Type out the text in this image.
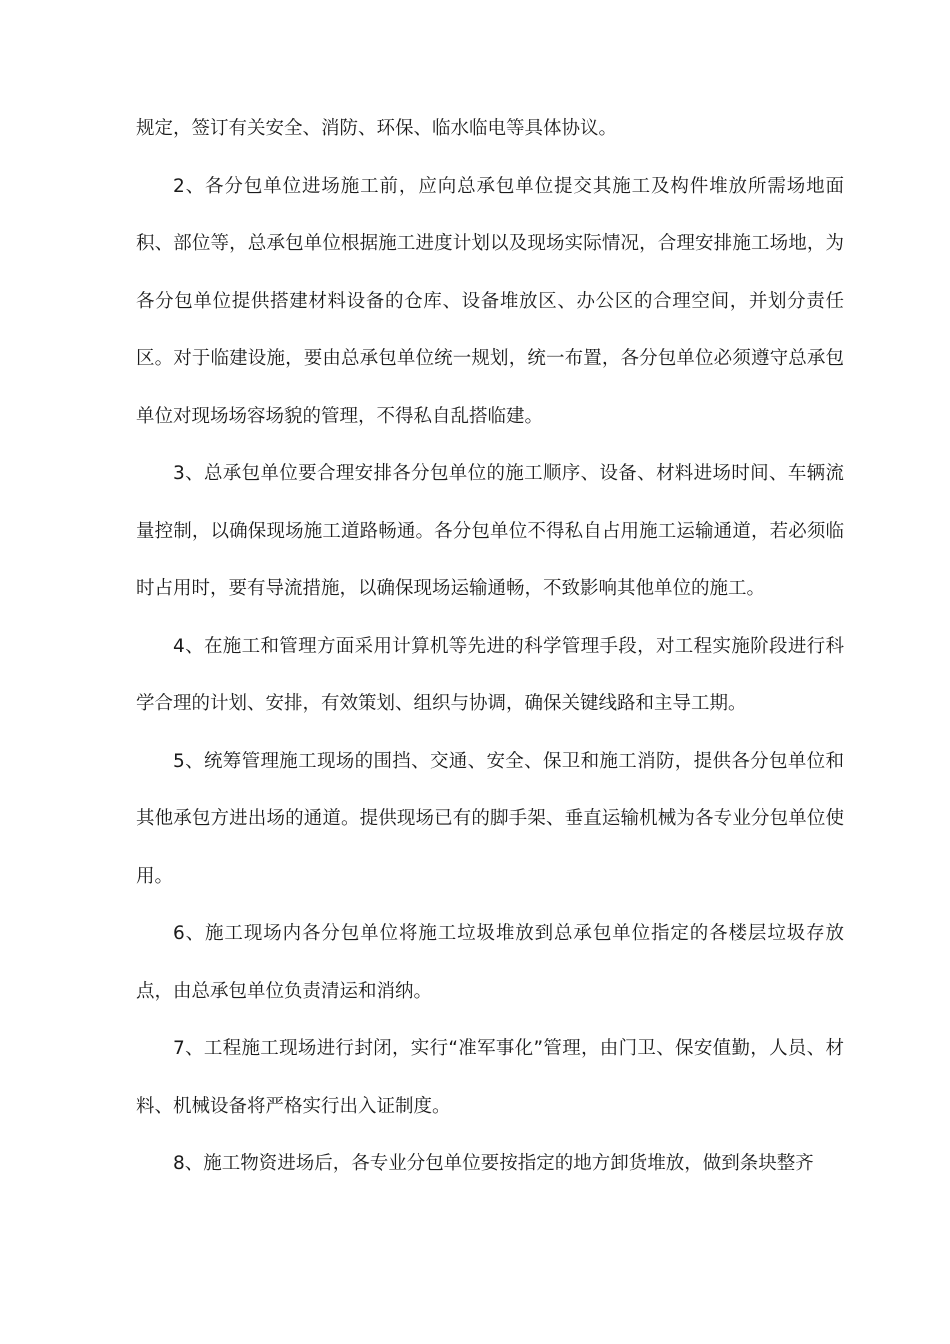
规定，签订有关安全、消防、环保、临水临电等具体协议。

2、各分包单位进场施工前，应向总承包单位提交其施工及构件堆放所需场地面积、部位等，总承包单位根据施工进度计划以及现场实际情况，合理安排施工场地，为各分包单位提供搭建材料设备的仓库、设备堆放区、办公区的合理空间，并划分责任区。对于临建设施，要由总承包单位统一规划，统一布置，各分包单位必须遵守总承包单位对现场场容场貌的管理，不得私自乱搭临建。

3、总承包单位要合理安排各分包单位的施工顺序、设备、材料进场时间、车辆流量控制，以确保现场施工道路畅通。各分包单位不得私自占用施工运输通道，若必须临时占用时，要有导流措施，以确保现场运输通畅，不致影响其他单位的施工。

4、在施工和管理方面采用计算机等先进的科学管理手段，对工程实施阶段进行科学合理的计划、安排，有效策划、组织与协调，确保关键线路和主导工期。

5、统筹管理施工现场的围挡、交通、安全、保卫和施工消防，提供各分包单位和其他承包方进出场的通道。提供现场已有的脚手架、垂直运输机械为各专业分包单位使用。

6、施工现场内各分包单位将施工垃圾堆放到总承包单位指定的各楼层垃圾存放点，由总承包单位负责清运和消纳。

7、工程施工现场进行封闭，实行“准军事化”管理，由门卫、保安值勤，人员、材料、机械设备将严格实行出入证制度。

8、施工物资进场后，各专业分包单位要按指定的地方卸货堆放，做到条块整齐
